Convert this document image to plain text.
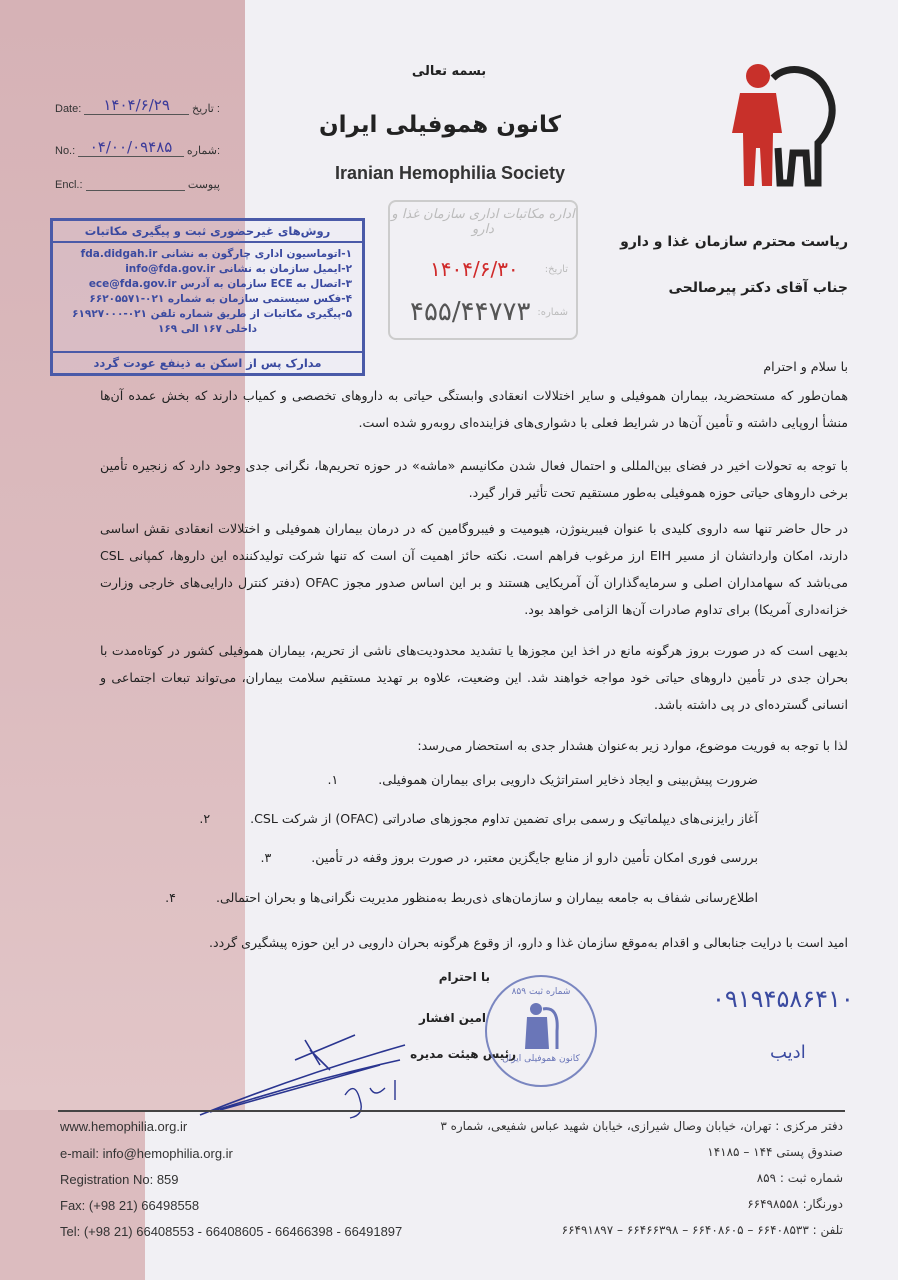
بسمه تعالی
کانون هموفیلی ایران
Iranian Hemophilia Society
Date:	۱۴۰۴/۶/۲۹	تاریخ :
No.: ۰۴/۰۰/۰۹۴۸۵	شماره:
Encl.:	پیوست
روش‌های غیرحضوری ثبت و پیگیری مکاتبات
۱-اتوماسیون اداری چارگون به نشانی fda.didgah.ir
۲-ایمیل سازمان به نشانی info@fda.gov.ir
۳-اتصال به ECE سازمان به آدرس ece@fda.gov.ir
۴-فکس سیستمی سازمان به شماره ۰۲۱-۶۶۲۰۵۵۷۱
۵-پیگیری مکاتبات از طریق شماره تلفن ۰۲۱-۶۱۹۲۷۰۰۰
داخلی ۱۶۷ الی ۱۶۹
مدارک پس از اسکن به ذینفع عودت گردد
اداره مکاتبات اداری سازمان غذا و دارو
تاریخ:
۱۴۰۴/۶/۳۰
شماره:
۴۵۵/۴۴۷۷۳
ریاست محترم سازمان غذا و دارو
جناب آقای دکتر پیرصالحی
با سلام و احترام
همان‌طور که مستحضرید، بیماران هموفیلی و سایر اختلالات انعقادی وابستگی حیاتی به داروهای تخصصی و کمیاب دارند که بخش عمده آن‌ها منشأ اروپایی داشته و تأمین آن‌ها در شرایط فعلی با دشواری‌های فزاینده‌ای روبه‌رو شده است.
با توجه به تحولات اخیر در فضای بین‌المللی و احتمال فعال شدن مکانیسم «ماشه» در حوزه تحریم‌ها، نگرانی جدی وجود دارد که زنجیره تأمین برخی داروهای حیاتی حوزه هموفیلی به‌طور مستقیم تحت تأثیر قرار گیرد.
در حال حاضر تنها سه داروی کلیدی با عنوان فیبرینوژن، هیومیت و فیبروگامین که در درمان بیماران هموفیلی و اختلالات انعقادی نقش اساسی دارند، امکان وارداتشان از مسیر EIH ارز مرغوب فراهم است. نکته حائز اهمیت آن است که تنها شرکت تولیدکننده این داروها، کمپانی CSL می‌باشد که سهامداران اصلی و سرمایه‌گذاران آن آمریکایی هستند و بر این اساس صدور مجوز OFAC (دفتر کنترل دارایی‌های خارجی وزارت خزانه‌داری آمریکا) برای تداوم صادرات آن‌ها الزامی خواهد بود.
بدیهی است که در صورت بروز هرگونه مانع در اخذ این مجوزها یا تشدید محدودیت‌های ناشی از تحریم، بیماران هموفیلی کشور در کوتاه‌مدت با بحران جدی در تأمین داروهای حیاتی خود مواجه خواهند شد. این وضعیت، علاوه بر تهدید مستقیم سلامت بیماران، می‌تواند تبعات اجتماعی و انسانی گسترده‌ای در پی داشته باشد.
لذا با توجه به فوریت موضوع، موارد زیر به‌عنوان هشدار جدی به استحضار می‌رسد:
ضرورت پیش‌بینی و ایجاد ذخایر استراتژیک دارویی برای بیماران هموفیلی.
۱.
آغاز رایزنی‌های دیپلماتیک و رسمی برای تضمین تداوم مجوزهای صادراتی (OFAC) از شرکت CSL.
۲.
بررسی فوری امکان تأمین دارو از منابع جایگزین معتبر، در صورت بروز وقفه در تأمین.
۳.
اطلاع‌رسانی شفاف به جامعه بیماران و سازمان‌های ذی‌ربط به‌منظور مدیریت نگرانی‌ها و بحران احتمالی.
۴.
امید است با درایت جنابعالی و اقدام به‌موقع سازمان غذا و دارو، از وقوع هرگونه بحران دارویی در این حوزه پیشگیری گردد.
با احترام
امین افشار
رئیس هیئت مدیره
شماره ثبت ۸۵۹
کانون هموفیلی ایران
۰۹۱۹۴۵۸۶۴۱۰
ادیب
www.hemophilia.org.ir
e-mail: info@hemophilia.org.ir
Registration No: 859
Fax: (+98 21) 66498558
Tel: (+98 21) 66408553 - 66408605 - 66466398 - 66491897
دفتر مرکزی : تهران، خیابان وصال شیرازی، خیابان شهید عباس شفیعی، شماره ۳
صندوق پستی ۱۴۴ – ۱۴۱۸۵
شماره ثبت : ۸۵۹
دورنگار: ۶۶۴۹۸۵۵۸
تلفن : ۶۶۴۰۸۵۳۳ – ۶۶۴۰۸۶۰۵ – ۶۶۴۶۶۳۹۸ – ۶۶۴۹۱۸۹۷
